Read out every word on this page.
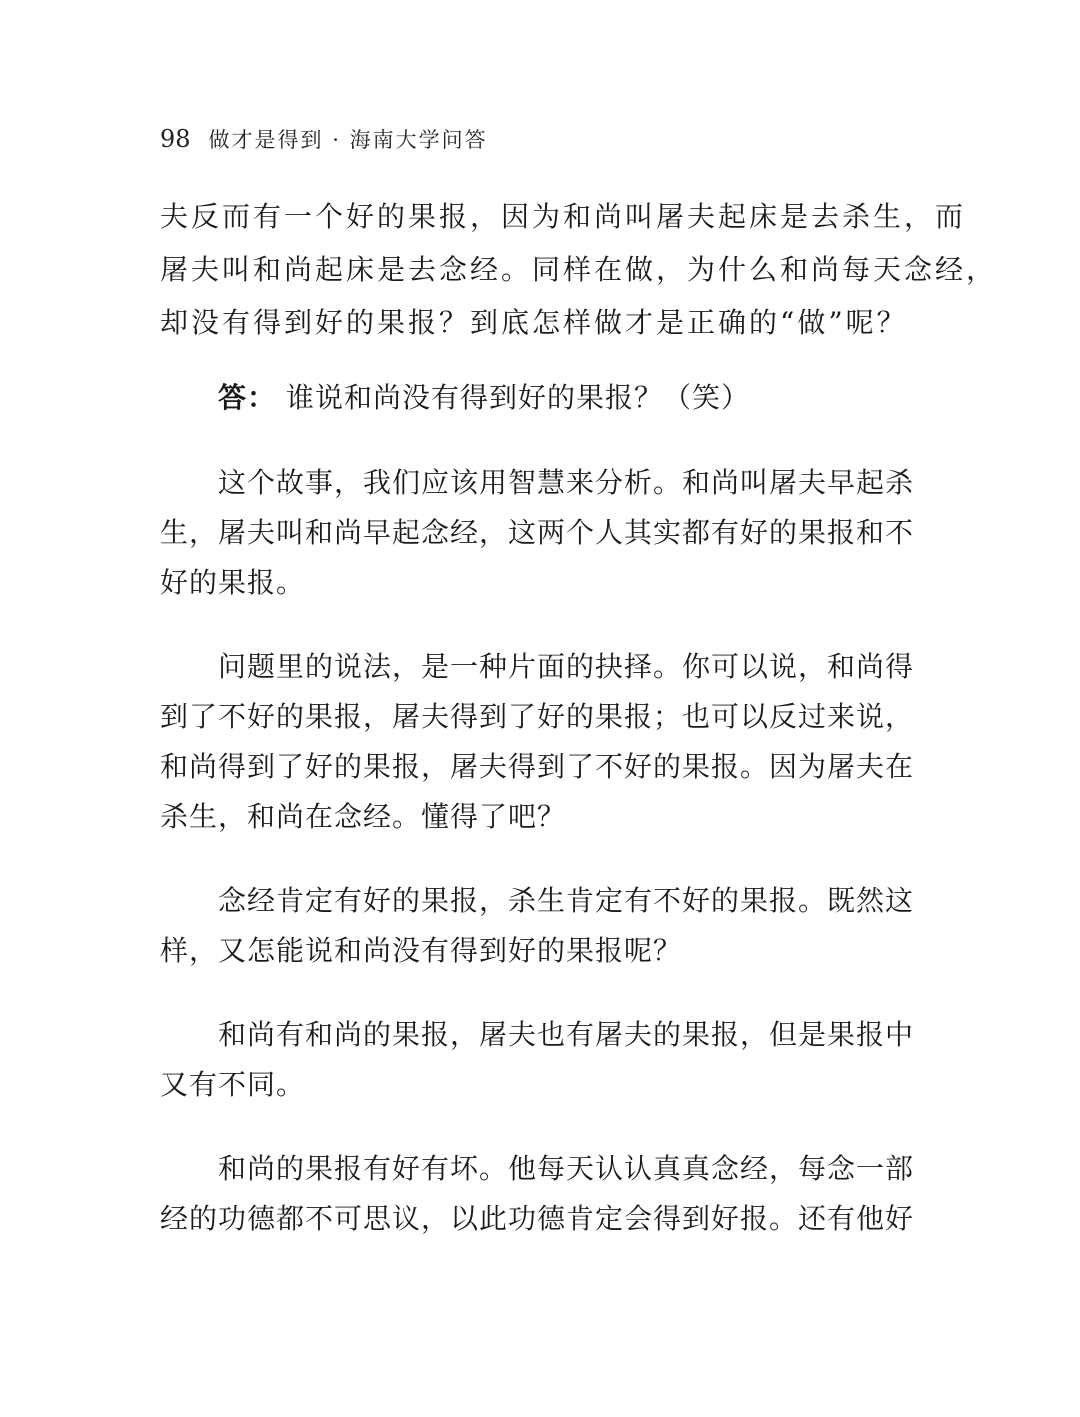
98 做才是得到 · 海南大学问答
夫反而有一个好的果报，因为和尚叫屠夫起床是去杀生，而
屠夫叫和尚起床是去念经。同样在做，为什么和尚每天念经，
却没有得到好的果报？到底怎样做才是正确的“做”呢？
答： 谁说和尚没有得到好的果报？（笑）
这个故事，我们应该用智慧来分析。和尚叫屠夫早起杀
生，屠夫叫和尚早起念经，这两个人其实都有好的果报和不
好的果报。
问题里的说法，是一种片面的抉择。你可以说，和尚得
到了不好的果报，屠夫得到了好的果报；也可以反过来说，
和尚得到了好的果报，屠夫得到了不好的果报。因为屠夫在
杀生，和尚在念经。懂得了吧？
念经肯定有好的果报，杀生肯定有不好的果报。既然这
样，又怎能说和尚没有得到好的果报呢？
和尚有和尚的果报，屠夫也有屠夫的果报，但是果报中
又有不同。
和尚的果报有好有坏。他每天认认真真念经，每念一部
经的功德都不可思议，以此功德肯定会得到好报。还有他好
